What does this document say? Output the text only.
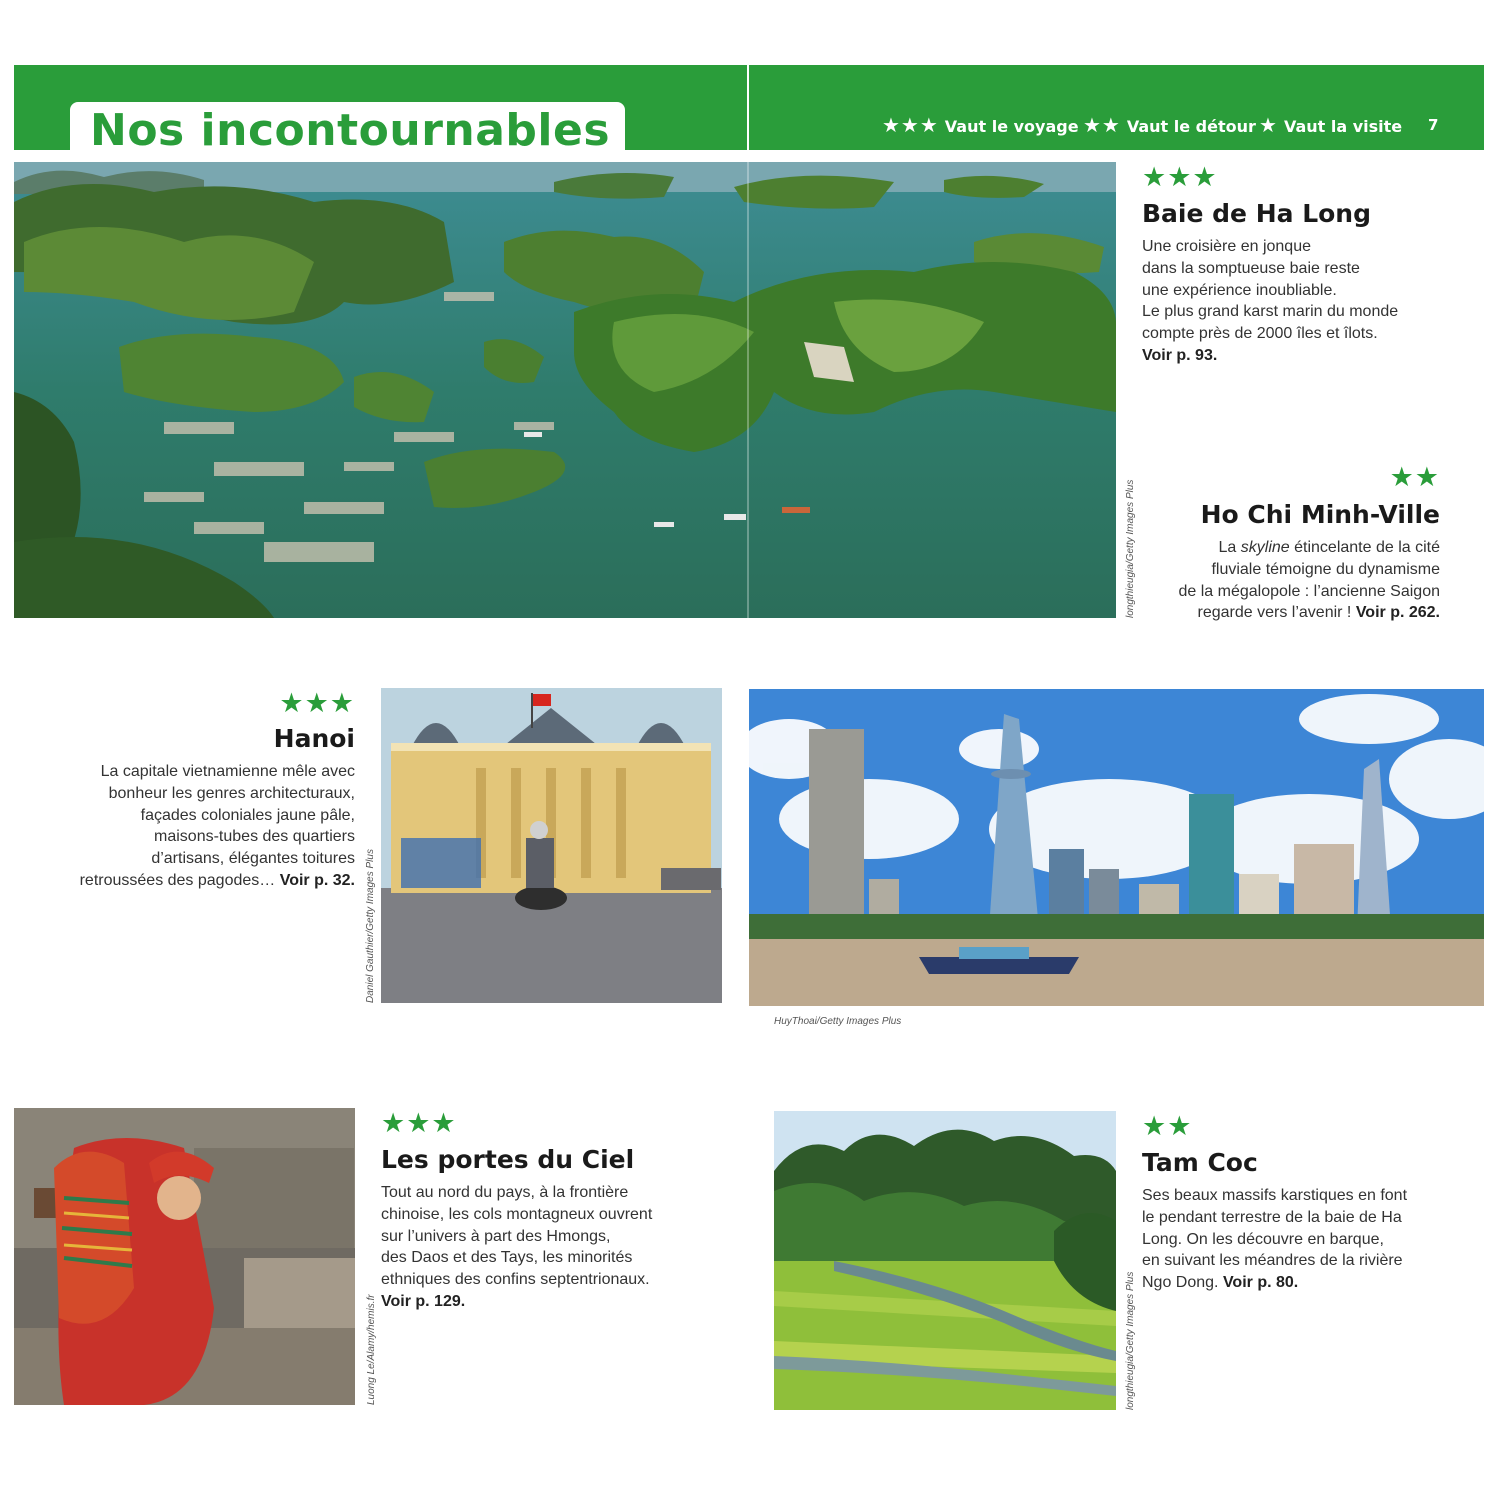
Nos incontournables	★★★ Vaut le voyage ★★ Vaut le détour ★ Vaut la visite 7
★★★
Baie de Ha Long
Une croisière en jonque
dans la somptueuse baie reste
une expérience inoubliable.
Le plus grand karst marin du monde
compte près de 2000 îles et îlots.
Voir p. 93.
longthieugia/Getty Images Plus
★★
Ho Chi Minh-Ville
La skyline étincelante de la cité
fluviale témoigne du dynamisme
de la mégalopole : l’ancienne Saigon
regarde vers l’avenir ! Voir p. 262.
★★★
Hanoi
La capitale vietnamienne mêle avec
bonheur les genres architecturaux,
façades coloniales jaune pâle,
maisons-tubes des quartiers
d’artisans, élégantes toitures
retroussées des pagodes… Voir p. 32. Daniel Gauthier/Getty Images Plus
HuyThoai/Getty Images Plus
Luong Le/Alamy/hemis.fr
★★★
Les portes du Ciel
Tout au nord du pays, à la frontière
chinoise, les cols montagneux ouvrent
sur l’univers à part des Hmongs,
des Daos et des Tays, les minorités
ethniques des confins septentrionaux.
Voir p. 129.	longthieugia/Getty Images Plus
★★
Tam Coc
Ses beaux massifs karstiques en font
le pendant terrestre de la baie de Ha
Long. On les découvre en barque,
en suivant les méandres de la rivière
Ngo Dong. Voir p. 80.
